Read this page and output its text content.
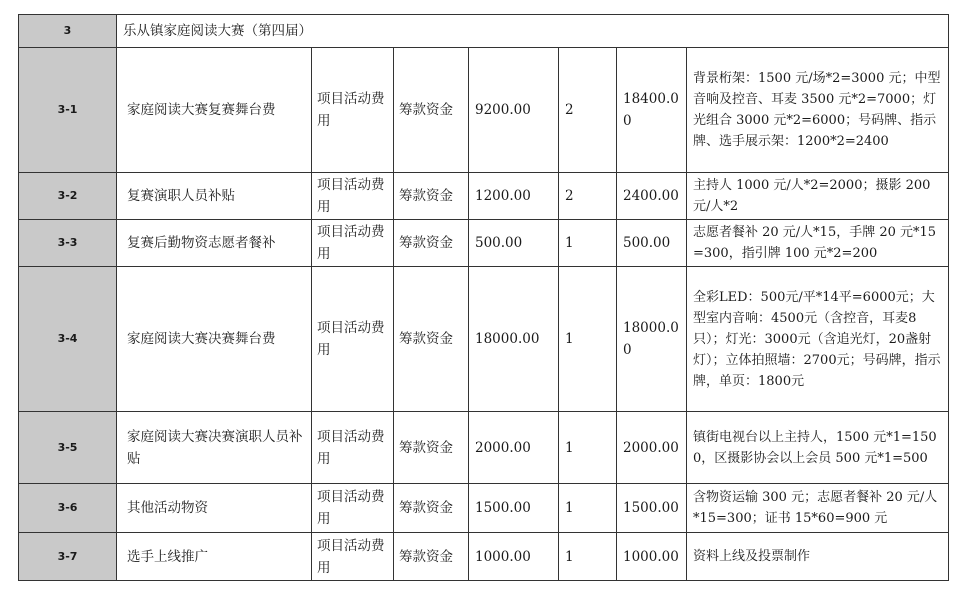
3	乐从镇家庭阅读大赛（第四届）						
3-1	家庭阅读大赛复赛舞台费	项目活动费用	筹款资金	9200.00	2	18400.00	背景桁架：1500 元/场*2=3000 元；中型音响及控音、耳麦 3500 元*2=7000；灯光组合 3000 元*2=6000；号码牌、指示牌、选手展示架：1200*2=2400
3-2	复赛演职人员补贴	项目活动费用	筹款资金	1200.00	2	2400.00	主持人 1000 元/人*2=2000；摄影 200 元/人*2
3-3	复赛后勤物资志愿者餐补	项目活动费用	筹款资金	500.00	1	500.00	志愿者餐补 20 元/人*15，手牌 20 元*15=300，指引牌 100 元*2=200
3-4	家庭阅读大赛决赛舞台费	项目活动费用	筹款资金	18000.00	1	18000.00	全彩LED：500元/平*14平=6000元；大型室内音响：4500元（含控音，耳麦8只）；灯光：3000元（含追光灯，20盏射灯）；立体拍照墙：2700元；号码牌，指示牌，单页：1800元
3-5	家庭阅读大赛决赛演职人员补贴	项目活动费用	筹款资金	2000.00	1	2000.00	镇街电视台以上主持人，1500 元*1=1500，区摄影协会以上会员 500 元*1=500
3-6	其他活动物资	项目活动费用	筹款资金	1500.00	1	1500.00	含物资运输 300 元；志愿者餐补 20 元/人*15=300；证书 15*60=900 元
3-7	选手上线推广	项目活动费用	筹款资金	1000.00	1	1000.00	资料上线及投票制作
